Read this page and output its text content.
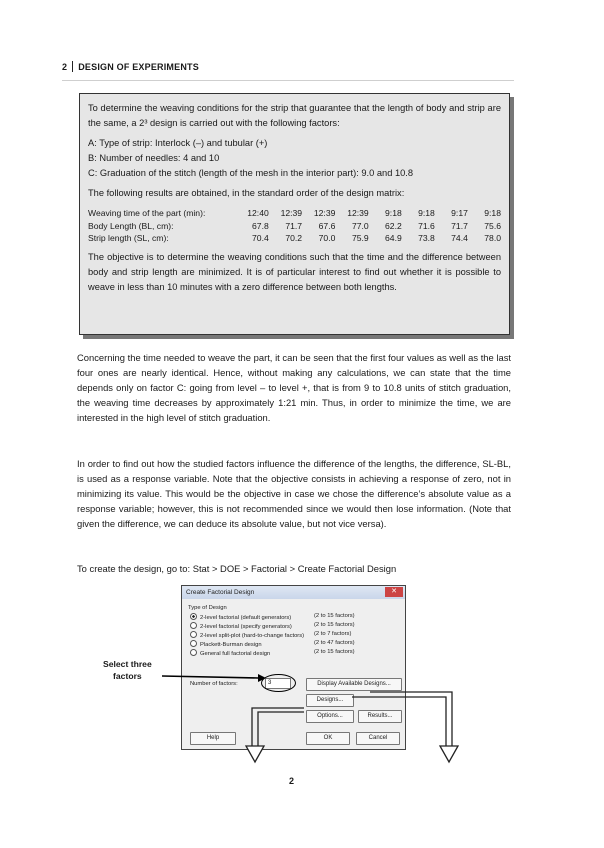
2 DESIGN OF EXPERIMENTS

To determine the weaving conditions for the strip that guarantee that the length of body and strip are the same, a 2³ design is carried out with the following factors:

A: Type of strip: Interlock (–) and tubular (+)

B: Number of needles: 4 and 10

C: Graduation of the stitch (length of the mesh in the interior part): 9.0 and 10.8

The following results are obtained, in the standard order of the design matrix:

Weaving time of the part (min):	12:40	12:39	12:39	12:39	9:18	9:18	9:17	9:18
Body Length (BL, cm):	67.8	71.7	67.6	77.0	62.2	71.6	71.7	75.6
Strip length (SL, cm):	70.4	70.2	70.0	75.9	64.9	73.8	74.4	78.0

The objective is to determine the weaving conditions such that the time and the difference between body and strip length are minimized. It is of particular interest to find out whether it is possible to weave in less than 10 minutes with a zero difference between both lengths.

Concerning the time needed to weave the part, it can be seen that the first four values as well as the last four ones are nearly identical. Hence, without making any calculations, we can state that the time depends only on factor C: going from level – to level +, that is from 9 to 10.8 units of stitch graduation, the weaving time decreases by approximately 1:21 min. Thus, in order to minimize the time, we are interested in the high level of stitch graduation.

In order to find out how the studied factors influence the difference of the lengths, the difference, SL-BL, is used as a response variable. Note that the objective consists in achieving a response of zero, not in minimizing its value. This would be the objective in case we chose the difference’s absolute value as a response variable; however, this is not recommended since we would then lose information. (Note that given the difference, we can deduce its absolute value, but not vice versa).

To create the design, go to: Stat > DOE > Factorial > Create Factorial Design

Create Factorial Design	✕
Type of Design
2-level factorial (default generators)	(2 to 15 factors)
2-level factorial (specify generators)	(2 to 15 factors)
2-level split-plot (hard-to-change factors) (2 to 7 factors)
Plackett-Burman design	(2 to 47 factors)
General full factorial design	(2 to 15 factors)
Number of factors:	3	Display Available Designs...
Designs...
Options...	Results...
Help	OK	Cancel
Select three
factors
2
